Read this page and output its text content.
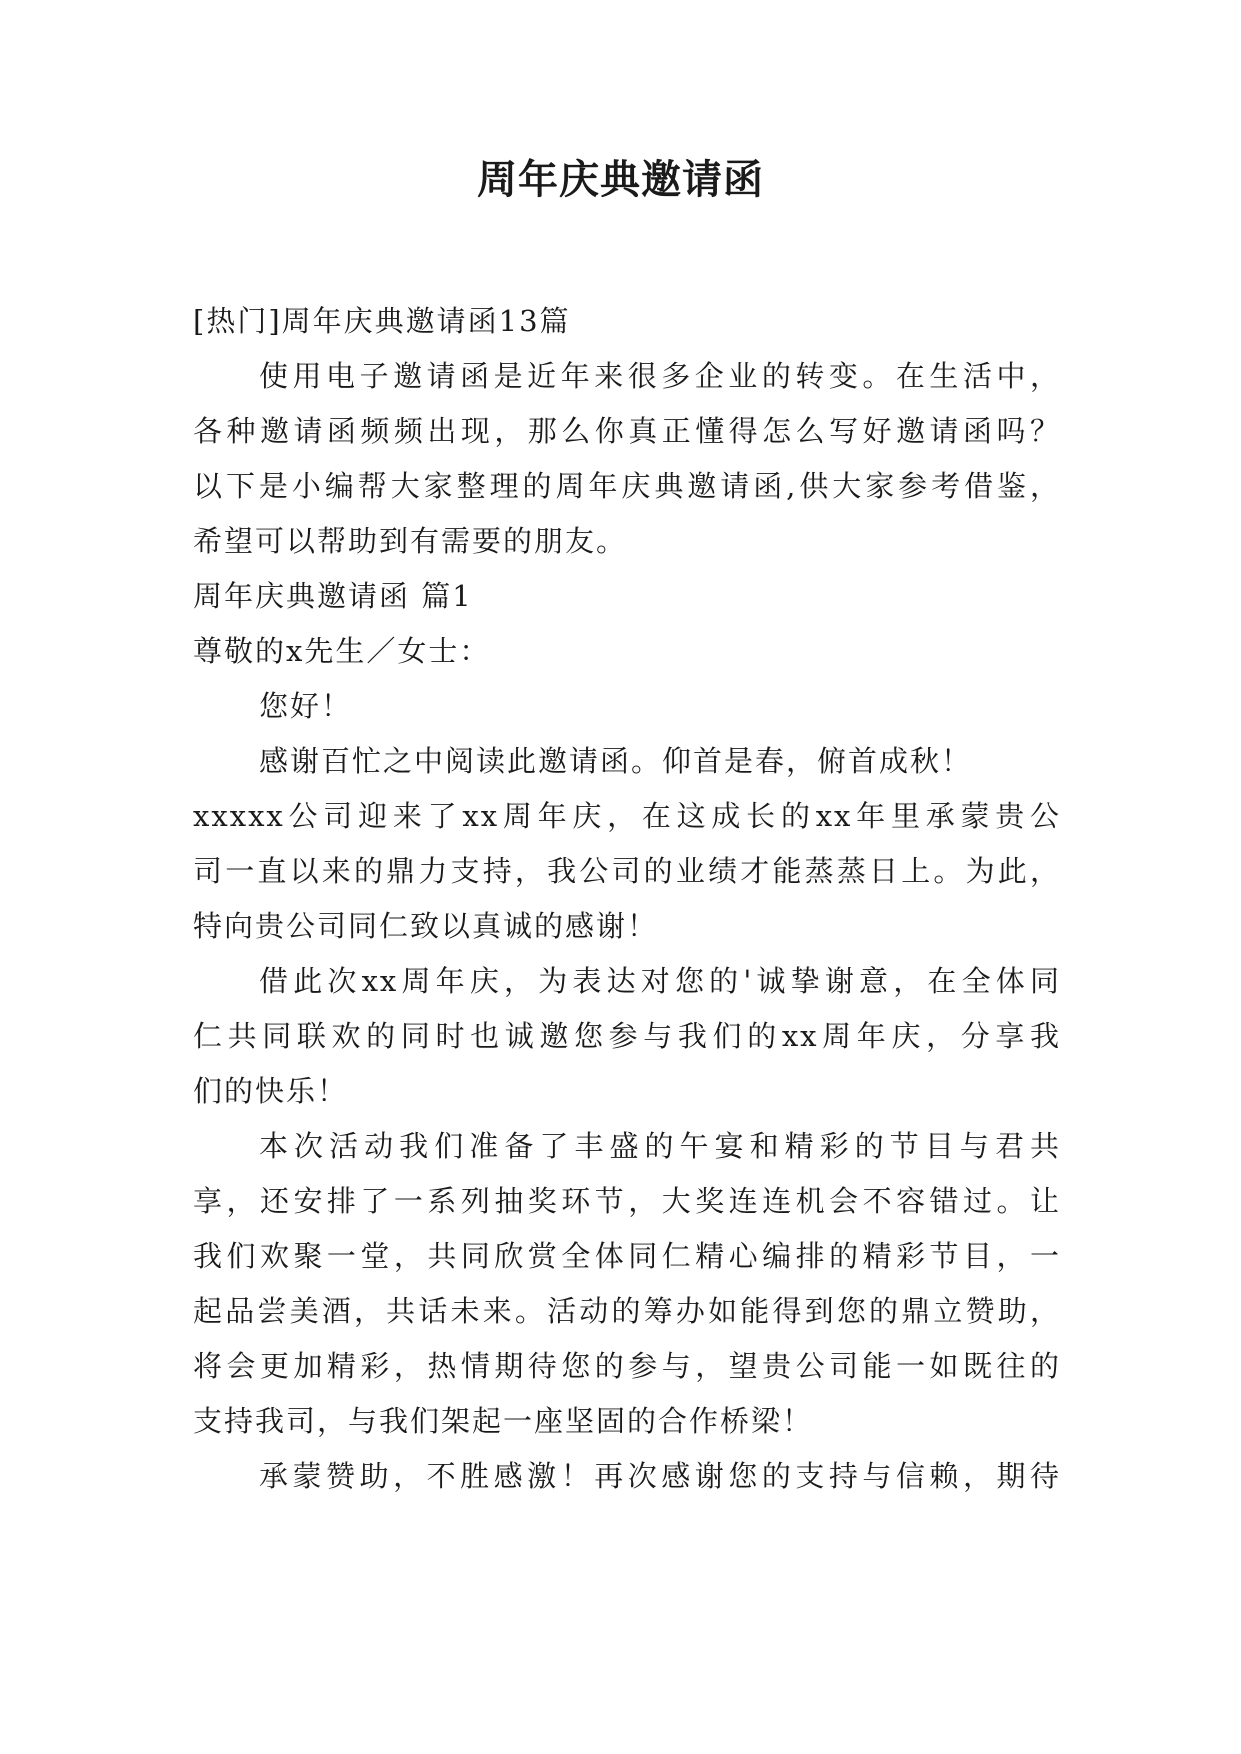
周年庆典邀请函

[热门]周年庆典邀请函13篇

使用电子邀请函是近年来很多企业的转变。在生活中，

各种邀请函频频出现，那么你真正懂得怎么写好邀请函吗？

以下是小编帮大家整理的周年庆典邀请函,供大家参考借鉴，

希望可以帮助到有需要的朋友。

周年庆典邀请函 篇1

尊敬的x先生／女士：

您好！

感谢百忙之中阅读此邀请函。仰首是春，俯首成秋！

xxxxx公司迎来了xx周年庆，在这成长的xx年里承蒙贵公

司一直以来的鼎力支持，我公司的业绩才能蒸蒸日上。为此，

特向贵公司同仁致以真诚的感谢！

借此次xx周年庆，为表达对您的'诚挚谢意，在全体同

仁共同联欢的同时也诚邀您参与我们的xx周年庆，分享我

们的快乐！

本次活动我们准备了丰盛的午宴和精彩的节目与君共

享，还安排了一系列抽奖环节，大奖连连机会不容错过。让

我们欢聚一堂，共同欣赏全体同仁精心编排的精彩节目，一

起品尝美酒，共话未来。活动的筹办如能得到您的鼎立赞助，

将会更加精彩，热情期待您的参与，望贵公司能一如既往的

支持我司，与我们架起一座坚固的合作桥梁！

承蒙赞助，不胜感激！再次感谢您的支持与信赖，期待
